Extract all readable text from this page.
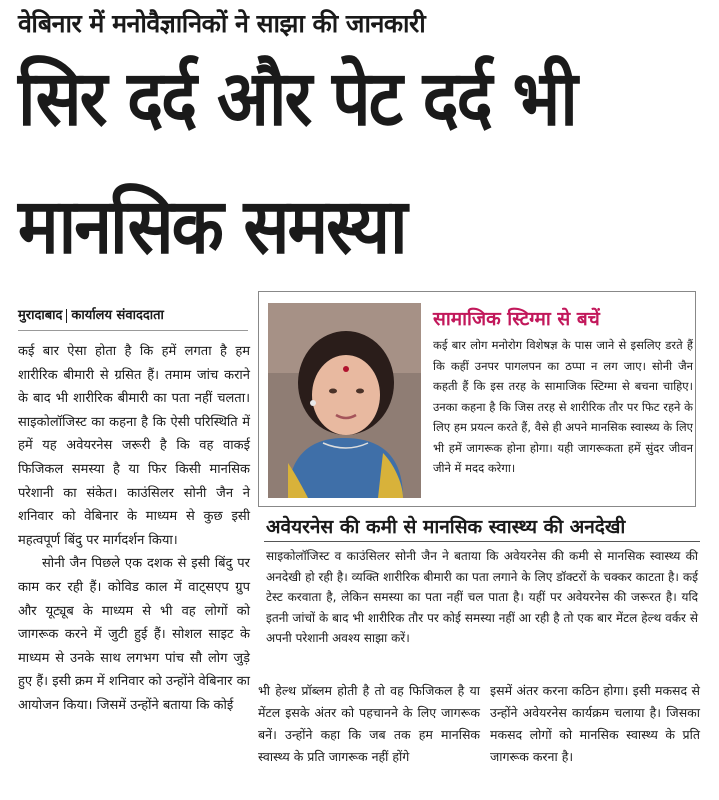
वेबिनार में मनोवैज्ञानिकों ने साझा की जानकारी
सिर दर्द और पेट दर्द भी
मानसिक समस्या
मुरादाबाद कार्यालय संवाददाता

कई बार ऐसा होता है कि हमें लगता है हम शारीरिक बीमारी से ग्रसित हैं। तमाम जांच कराने के बाद भी शारीरिक बीमारी का पता नहीं चलता। साइकोलॉजिस्ट का कहना है कि ऐसी परिस्थिति में हमें यह अवेयरनेस जरूरी है कि वह वाकई फिजिकल समस्या है या फिर किसी मानसिक परेशानी का संकेत। काउंसिलर सोनी जैन ने शनिवार को वेबिनार के माध्यम से कुछ इसी महत्वपूर्ण बिंदु पर मार्गदर्शन किया।

सोनी जैन पिछले एक दशक से इसी बिंदु पर काम कर रही हैं। कोविड काल में वाट्सएप ग्रुप और यूट्यूब के माध्यम से भी वह लोगों को जागरूक करने में जुटी हुई हैं। सोशल साइट के माध्यम से उनके साथ लगभग पांच सौ लोग जुड़े हुए हैं। इसी क्रम में शनिवार को उन्होंने वेबिनार का आयोजन किया। जिसमें उन्होंने बताया कि कोई

सामाजिक स्टिग्मा से बचें
कई बार लोग मनोरोग विशेषज्ञ के पास जाने से इसलिए डरते हैं कि कहीं उनपर पागलपन का ठप्पा न लग जाए। सोनी जैन कहती हैं कि इस तरह के सामाजिक स्टिग्मा से बचना चाहिए। उनका कहना है कि जिस तरह से शारीरिक तौर पर फिट रहने के लिए हम प्रयत्न करते हैं, वैसे ही अपने मानसिक स्वास्थ्य के लिए भी हमें जागरूक होना होगा। यही जागरूकता हमें सुंदर जीवन जीने में मदद करेगा।
अवेयरनेस की कमी से मानसिक स्वास्थ्य की अनदेखी
साइकोलॉजिस्ट व काउंसिलर सोनी जैन ने बताया कि अवेयरनेस की कमी से मानसिक स्वास्थ्य की अनदेखी हो रही है। व्यक्ति शारीरिक बीमारी का पता लगाने के लिए डॉक्टरों के चक्कर काटता है। कई टेस्ट करवाता है, लेकिन समस्या का पता नहीं चल पाता है। यहीं पर अवेयरनेस की जरूरत है। यदि इतनी जांचों के बाद भी शारीरिक तौर पर कोई समस्या नहीं आ रही है तो एक बार मेंटल हेल्थ वर्कर से अपनी परेशानी अवश्य साझा करें।
भी हेल्थ प्रॉब्लम होती है तो वह फिजिकल है या मेंटल इसके अंतर को पहचानने के लिए जागरूक बनें। उन्होंने कहा कि जब तक हम मानसिक स्वास्थ्य के प्रति जागरूक नहीं होंगे
इसमें अंतर करना कठिन होगा। इसी मकसद से उन्होंने अवेयरनेस कार्यक्रम चलाया है। जिसका मकसद लोगों को मानसिक स्वास्थ्य के प्रति जागरूक करना है।
